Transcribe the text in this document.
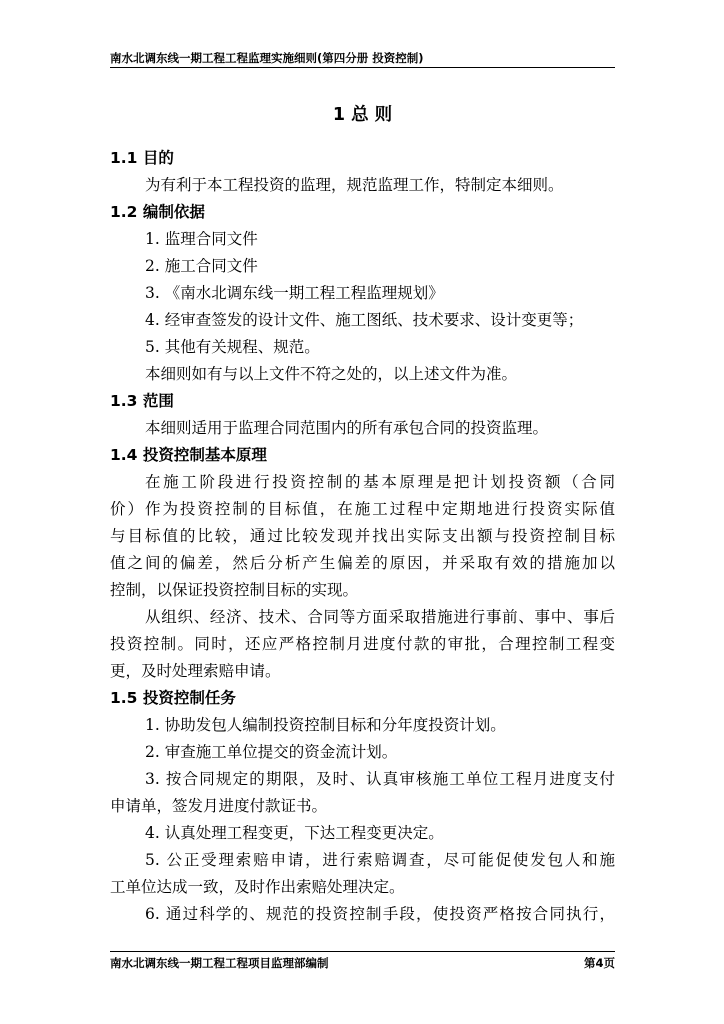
南水北调东线一期工程工程监理实施细则(第四分册 投资控制)
1 总 则
1.1 目的
为有利于本工程投资的监理，规范监理工作，特制定本细则。
1.2 编制依据
1. 监理合同文件
2. 施工合同文件
3. 《南水北调东线一期工程工程监理规划》
4. 经审查签发的设计文件、施工图纸、技术要求、设计变更等；
5. 其他有关规程、规范。
本细则如有与以上文件不符之处的，以上述文件为准。
1.3 范围
本细则适用于监理合同范围内的所有承包合同的投资监理。
1.4 投资控制基本原理
在施工阶段进行投资控制的基本原理是把计划投资额（合同
价）作为投资控制的目标值，在施工过程中定期地进行投资实际值
与目标值的比较，通过比较发现并找出实际支出额与投资控制目标
值之间的偏差，然后分析产生偏差的原因，并采取有效的措施加以
控制，以保证投资控制目标的实现。
从组织、经济、技术、合同等方面采取措施进行事前、事中、事后
投资控制。同时，还应严格控制月进度付款的审批，合理控制工程变
更，及时处理索赔申请。
1.5 投资控制任务
1. 协助发包人编制投资控制目标和分年度投资计划。
2. 审查施工单位提交的资金流计划。
3. 按合同规定的期限，及时、认真审核施工单位工程月进度支付
申请单，签发月进度付款证书。
4. 认真处理工程变更，下达工程变更决定。
5. 公正受理索赔申请，进行索赔调查，尽可能促使发包人和施
工单位达成一致，及时作出索赔处理决定。
6. 通过科学的、规范的投资控制手段，使投资严格按合同执行，
南水北调东线一期工程工程项目监理部编制	第4页
